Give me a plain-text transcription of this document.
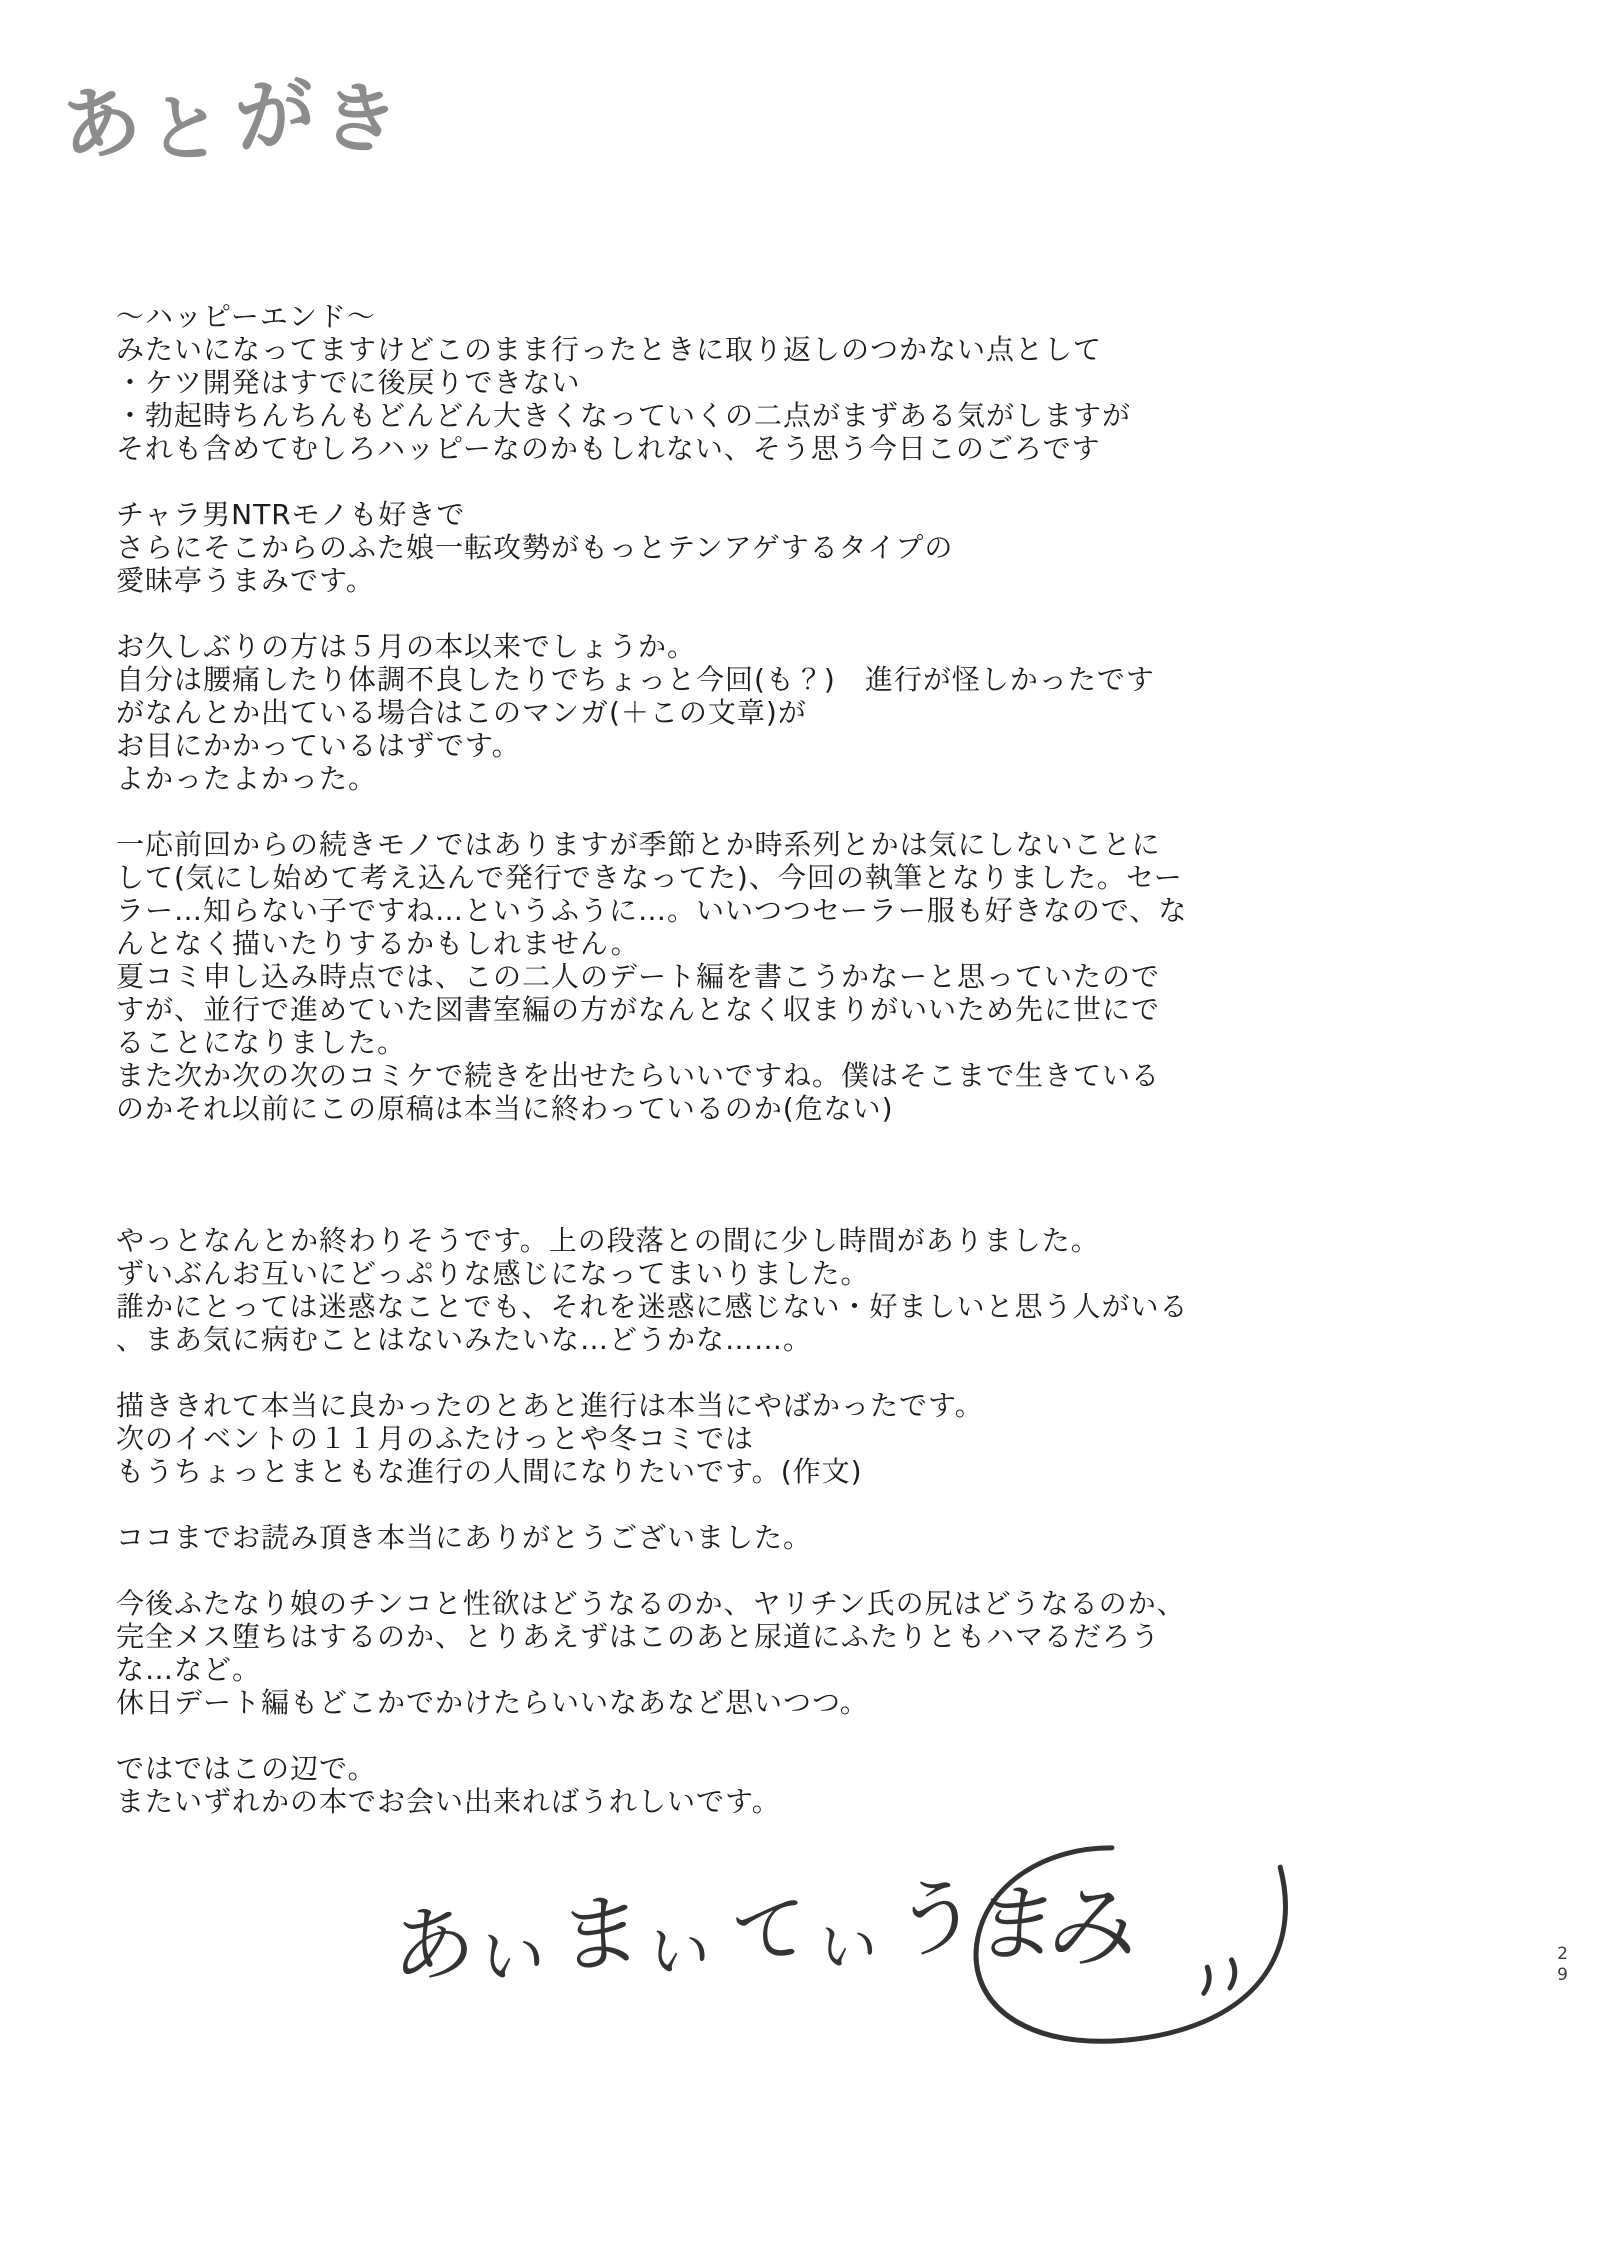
あとがき
～ハッピーエンド～
みたいになってますけどこのまま行ったときに取り返しのつかない点として
・ケツ開発はすでに後戻りできない
・勃起時ちんちんもどんどん大きくなっていくの二点がまずある気がしますが
それも含めてむしろハッピーなのかもしれない、そう思う今日このごろです
チャラ男NTRモノも好きで
さらにそこからのふた娘一転攻勢がもっとテンアゲするタイプの
愛昧亭うまみです。
お久しぶりの方は５月の本以来でしょうか。
自分は腰痛したり体調不良したりでちょっと今回(も？)　進行が怪しかったです
がなんとか出ている場合はこのマンガ(＋この文章)が
お目にかかっているはずです。
よかったよかった。
一応前回からの続きモノではありますが季節とか時系列とかは気にしないことに
して(気にし始めて考え込んで発行できなってた)、今回の執筆となりました。セー
ラー…知らない子ですね…というふうに…。いいつつセーラー服も好きなので、な
んとなく描いたりするかもしれません。
夏コミ申し込み時点では、この二人のデート編を書こうかなーと思っていたので
すが、並行で進めていた図書室編の方がなんとなく収まりがいいため先に世にで
ることになりました。
また次か次の次のコミケで続きを出せたらいいですね。僕はそこまで生きている
のかそれ以前にこの原稿は本当に終わっているのか(危ない)
やっとなんとか終わりそうです。上の段落との間に少し時間がありました。
ずいぶんお互いにどっぷりな感じになってまいりました。
誰かにとっては迷惑なことでも、それを迷惑に感じない・好ましいと思う人がいる
、まあ気に病むことはないみたいな…どうかな……。
描ききれて本当に良かったのとあと進行は本当にやばかったです。
次のイベントの１１月のふたけっとや冬コミでは
もうちょっとまともな進行の人間になりたいです。(作文)
ココまでお読み頂き本当にありがとうございました。
今後ふたなり娘のチンコと性欲はどうなるのか、ヤリチン氏の尻はどうなるのか、
完全メス堕ちはするのか、とりあえずはこのあと尿道にふたりともハマるだろう
な…など。
休日デート編もどこかでかけたらいいなあなど思いつつ。
ではではこの辺で。
またいずれかの本でお会い出来ればうれしいです。
あい まい てい うまみ	2
9
